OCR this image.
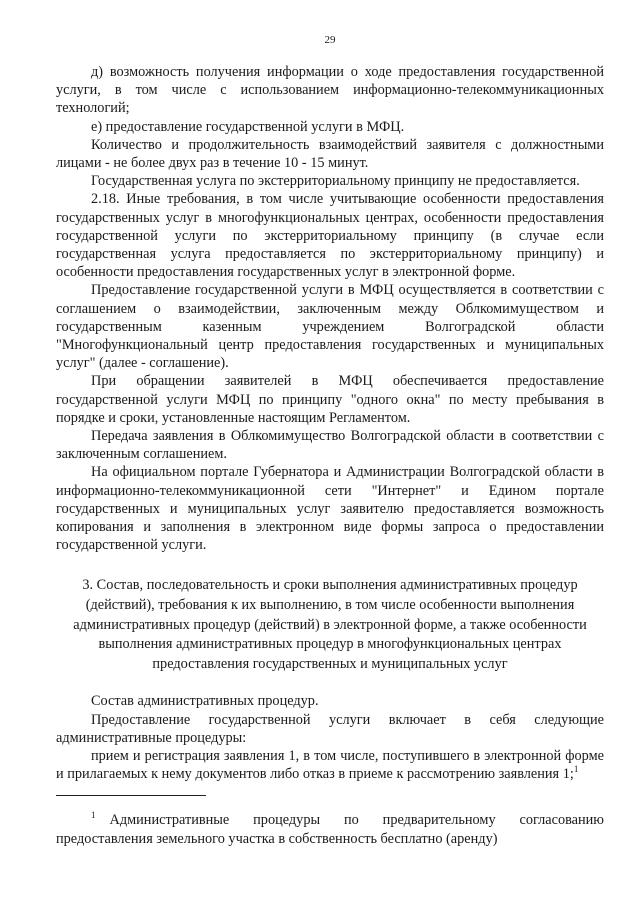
29

д) возможность получения информации о ходе предоставления государственной услуги, в том числе с использованием информационно-телекоммуникационных технологий;

е) предоставление государственной услуги в МФЦ.

Количество и продолжительность взаимодействий заявителя с должностными лицами - не более двух раз в течение 10 - 15 минут.

Государственная услуга по экстерриториальному принципу не предоставляется.

2.18. Иные требования, в том числе учитывающие особенности предоставления государственных услуг в многофункциональных центрах, особенности предоставления государственной услуги по экстерриториальному принципу (в случае если государственная услуга предоставляется по экстерриториальному принципу) и особенности предоставления государственных услуг в электронной форме.

Предоставление государственной услуги в МФЦ осуществляется в соответствии с соглашением о взаимодействии, заключенным между Облкомимуществом и государственным казенным учреждением Волгоградской области "Многофункциональный центр предоставления государственных и муниципальных услуг" (далее - соглашение).

При обращении заявителей в МФЦ обеспечивается предоставление государственной услуги МФЦ по принципу "одного окна" по месту пребывания в порядке и сроки, установленные настоящим Регламентом.

Передача заявления в Облкомимущество Волгоградской области в соответствии с заключенным соглашением.

На официальном портале Губернатора и Администрации Волгоградской области в информационно-телекоммуникационной сети "Интернет" и Едином портале государственных и муниципальных услуг заявителю предоставляется возможность копирования и заполнения в электронном виде формы запроса о предоставлении государственной услуги.

3. Состав, последовательность и сроки выполнения административных процедур
(действий), требования к их выполнению, в том числе особенности выполнения
административных процедур (действий) в электронной форме, а также особенности
выполнения административных процедур в многофункциональных центрах
предоставления государственных и муниципальных услуг

Состав административных процедур.

Предоставление государственной услуги включает в себя следующие административные процедуры:

прием и регистрация заявления 1, в том числе, поступившего в электронной форме и прилагаемых к нему документов либо отказ в приеме к рассмотрению заявления 1;$^1$

$^1$ Административные процедуры по предварительному согласованию предоставления земельного участка в собственность бесплатно (аренду)
